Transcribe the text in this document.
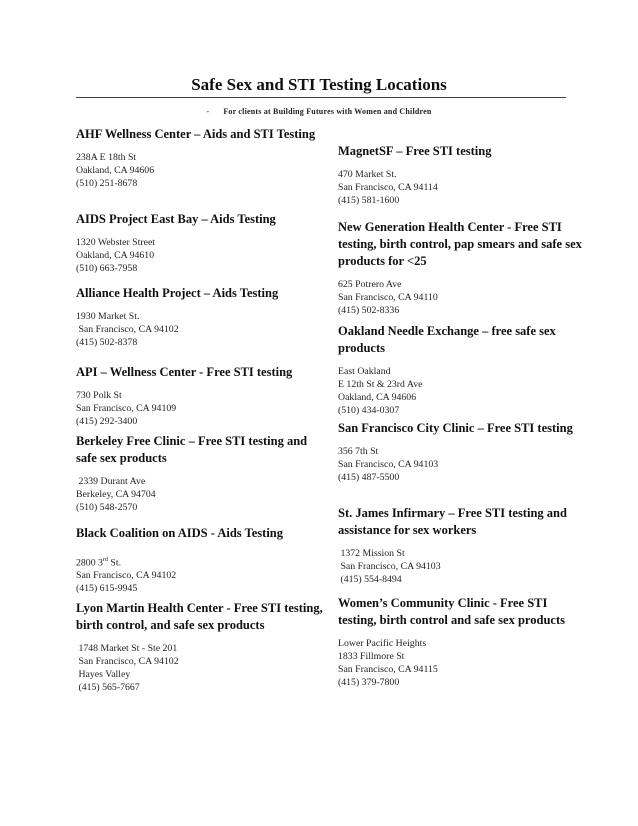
Safe Sex and STI Testing Locations
- For clients at Building Futures with Women and Children
AHF Wellness Center – Aids and STI Testing
238A E 18th St
Oakland, CA 94606
(510) 251-8678
AIDS Project East Bay – Aids Testing
1320 Webster Street
Oakland, CA 94610
(510) 663-7958
Alliance Health Project – Aids Testing
1930 Market St.
San Francisco, CA 94102
(415) 502-8378
API – Wellness Center - Free STI testing
730 Polk St
San Francisco, CA 94109
(415) 292-3400
Berkeley Free Clinic – Free STI testing and safe sex products
2339 Durant Ave
Berkeley, CA 94704
(510) 548-2570
Black Coalition on AIDS - Aids Testing
2800 3rd St.
San Francisco, CA 94102
(415) 615-9945
Lyon Martin Health Center - Free STI testing, birth control, and safe sex products
1748 Market St - Ste 201
San Francisco, CA 94102
Hayes Valley
(415) 565-7667
MagnetSF – Free STI testing
470 Market St.
San Francisco, CA 94114
(415) 581-1600
New Generation Health Center - Free STI testing, birth control, pap smears and safe sex products for <25
625 Potrero Ave
San Francisco, CA 94110
(415) 502-8336
Oakland Needle Exchange – free safe sex products
East Oakland
E 12th St & 23rd Ave
Oakland, CA 94606
(510) 434-0307
San Francisco City Clinic – Free STI testing
356 7th St
San Francisco, CA 94103
(415) 487-5500
St. James Infirmary – Free STI testing and assistance for sex workers
1372 Mission St
San Francisco, CA 94103
(415) 554-8494
Women’s Community Clinic - Free STI testing, birth control and safe sex products
Lower Pacific Heights
1833 Fillmore St
San Francisco, CA 94115
(415) 379-7800
